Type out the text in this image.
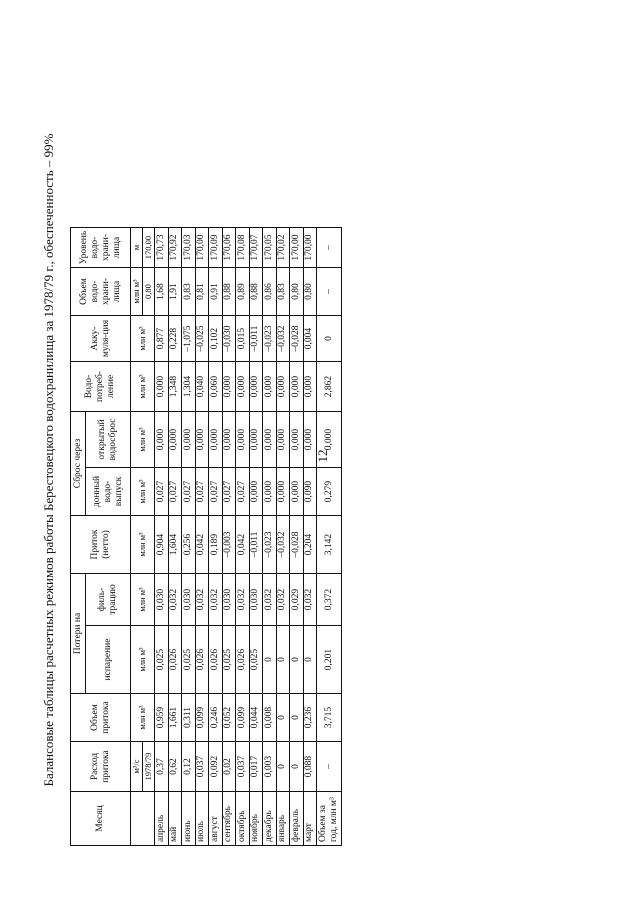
12
Балансовые таблицы расчетных режимов работы Берестовецкого водохранилища за 1978/79 г., обеспеченность – 99%
Месяц	Расход притока	Объем притока	Потери на		Приток (нетто)	Сброс через		Водо-потреб-ление	Акку-муля-ция	Объем водо-храни-лища	Уровень водо-храни-лища
			испарение	филь-трацию		донный водо-выпуск	открытый водосброс				
	м³/с	млн м³	млн м³	млн м³	млн м³	млн м³	млн м³	млн м³	млн м³	млн м³	м
	1978/79									0,80	170,00
апрель	0,37	0,959	0,025	0,030	0,904	0,027	0,000	0,000	0,877	1,68	170,73
май	0,62	1,661	0,026	0,032	1,604	0,027	0,000	1,348	0,228	1,91	170,92
июнь	0,12	0,311	0,025	0,030	0,256	0,027	0,000	1,304	–1,075	0,83	170,03
июль	0,037	0,099	0,026	0,032	0,042	0,027	0,000	0,040	–0,025	0,81	170,00
август	0,092	0,246	0,026	0,032	0,189	0,027	0,000	0,060	0,102	0,91	170,09
сентябрь	0,02	0,052	0,025	0,030	–0,003	0,027	0,000	0,000	–0,030	0,88	170,06
октябрь	0,037	0,099	0,026	0,032	0,042	0,027	0,000	0,000	0,015	0,89	170,08
ноябрь	0,017	0,044	0,025	0,030	–0,011	0,000	0,000	0,000	–0,011	0,88	170,07
декабрь	0,003	0,008	0	0,032	–0,023	0,000	0,000	0,000	–0,023	0,86	170,05
январь	0	0	0	0,032	–0,032	0,000	0,000	0,000	–0,032	0,83	170,02
февраль	0	0	0	0,029	–0,028	0,000	0,000	0,000	–0,028	0,80	170,00
март	0,088	0,236	0	0,032	0,204	0,090	0,000	0,000	0,004	0,80	170,00
Объем за год, млн м³	–	3,715	0,201	0,372	3,142	0,279	0,000	2,862	0	–	–
